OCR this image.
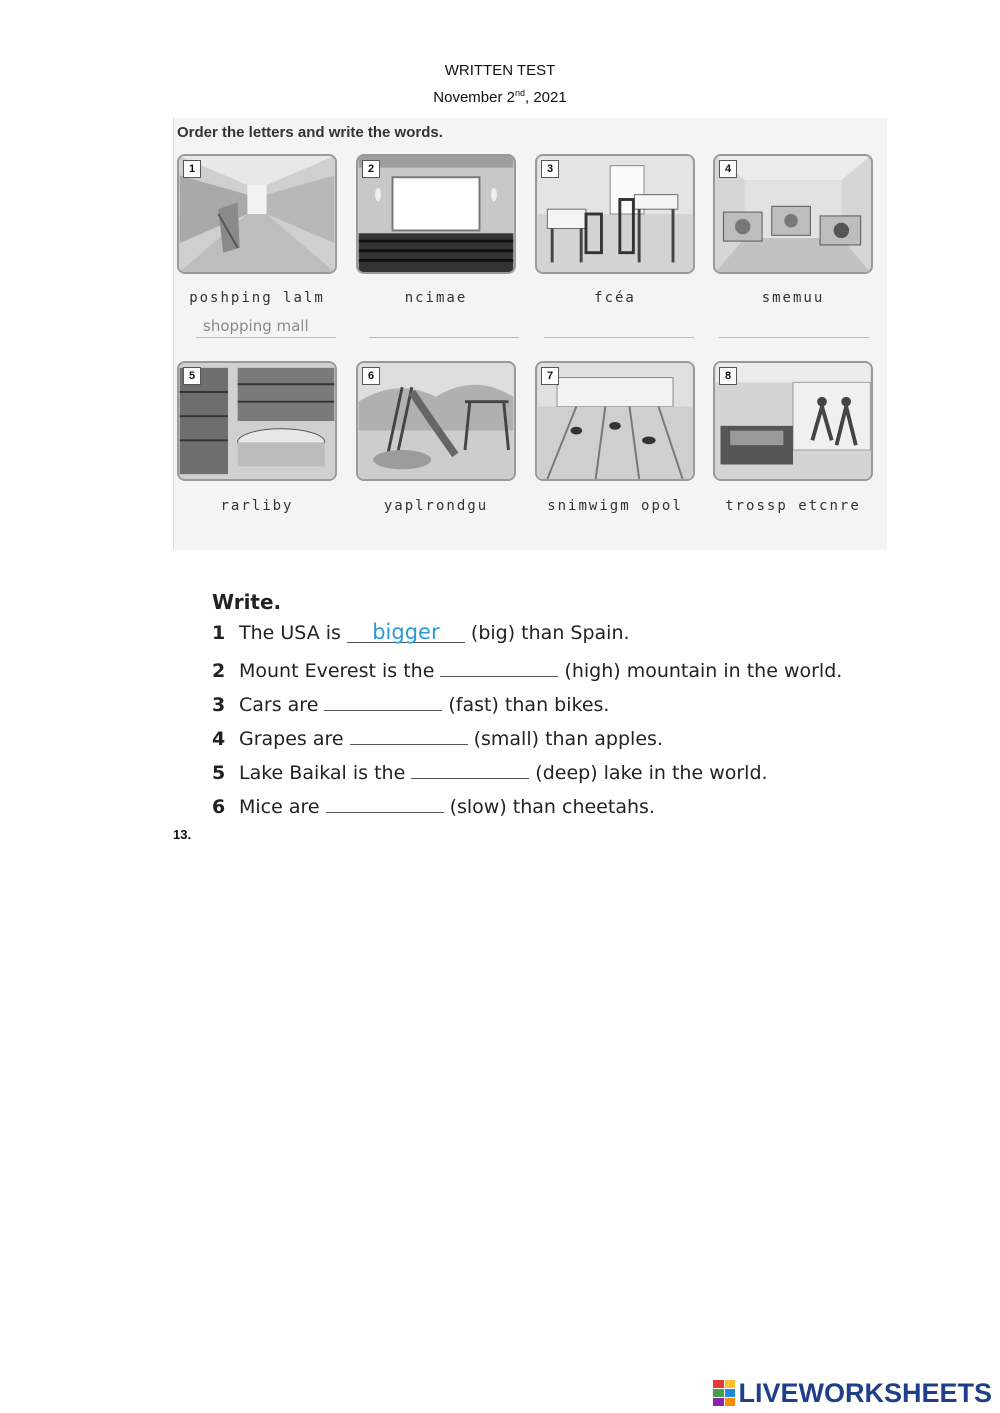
WRITTEN TEST
November 2nd, 2021
Order the letters and write the words.
1	2	3	4
poshping lalm	ncimae	fcéa	smemuu
shopping mall
5	6	7	8
rarliby	yaplrondgu	snimwigm opol	trossp etcnre
Write.
1 The USA is bigger (big) than Spain.
2 Mount Everest is the	(high) mountain in the world.
3 Cars are	(fast) than bikes.
4 Grapes are	(small) than apples.
5 Lake Baikal is the	(deep) lake in the world.
6 Mice are	(slow) than cheetahs.
13.
LIVEWORKSHEETS
